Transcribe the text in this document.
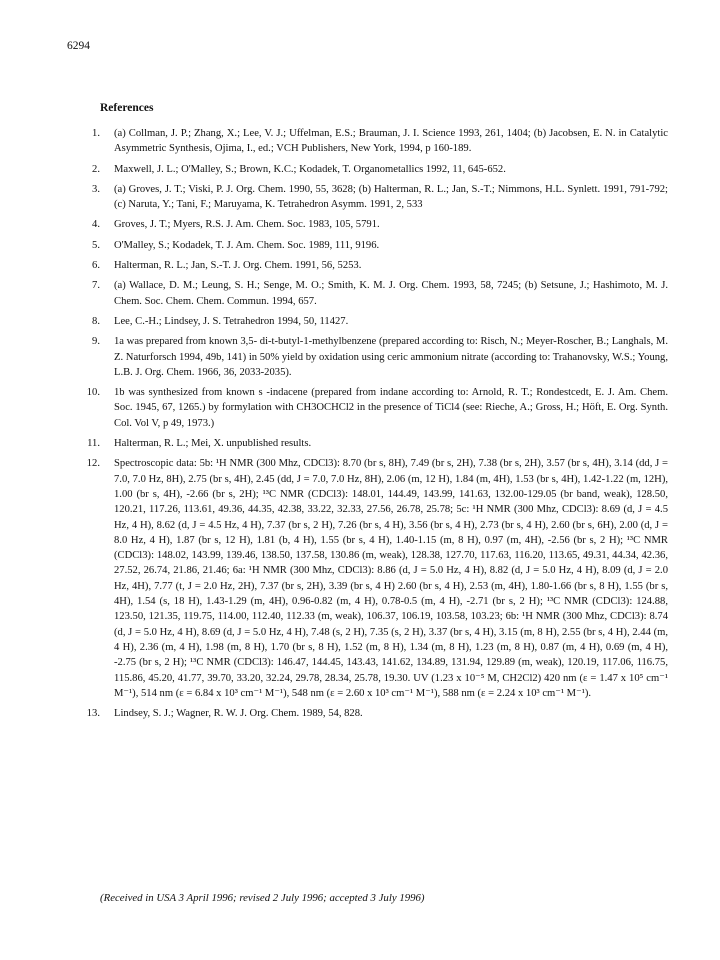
6294
References
1.	(a) Collman, J. P.; Zhang, X.; Lee, V. J.; Uffelman, E.S.; Brauman, J. I. Science 1993, 261, 1404; (b) Jacobsen, E. N. in Catalytic Asymmetric Synthesis, Ojima, I., ed.; VCH Publishers, New York, 1994, p 160-189.
2.	Maxwell, J. L.; O'Malley, S.; Brown, K.C.; Kodadek, T. Organometallics 1992, 11, 645-652.
3.	(a) Groves, J. T.; Viski, P. J. Org. Chem. 1990, 55, 3628; (b) Halterman, R. L.; Jan, S.-T.; Nimmons, H.L. Synlett. 1991, 791-792; (c) Naruta, Y.; Tani, F.; Maruyama, K. Tetrahedron Asymm. 1991, 2, 533
4.	Groves, J. T.; Myers, R.S. J. Am. Chem. Soc. 1983, 105, 5791.
5.	O'Malley, S.; Kodadek, T. J. Am. Chem. Soc. 1989, 111, 9196.
6.	Halterman, R. L.; Jan, S.-T. J. Org. Chem. 1991, 56, 5253.
7.	(a) Wallace, D. M.; Leung, S. H.; Senge, M. O.; Smith, K. M. J. Org. Chem. 1993, 58, 7245; (b) Setsune, J.; Hashimoto, M. J. Chem. Soc. Chem. Chem. Commun. 1994, 657.
8.	Lee, C.-H.; Lindsey, J. S. Tetrahedron 1994, 50, 11427.
9.	1a was prepared from known 3,5- di-t-butyl-1-methylbenzene (prepared according to: Risch, N.; Meyer-Roscher, B.; Langhals, M. Z. Naturforsch 1994, 49b, 141) in 50% yield by oxidation using ceric ammonium nitrate (according to: Trahanovsky, W.S.; Young, L.B. J. Org. Chem. 1966, 36, 2033-2035).
10.	1b was synthesized from known s -indacene (prepared from indane according to: Arnold, R. T.; Rondestcedt, E. J. Am. Chem. Soc. 1945, 67, 1265.) by formylation with CH3OCHCl2 in the presence of TiCl4 (see: Rieche, A.; Gross, H.; Höft, E. Org. Synth. Col. Vol V, p 49, 1973.)
11.	Halterman, R. L.; Mei, X. unpublished results.
12.	Spectroscopic data: 5b: ¹H NMR (300 Mhz, CDCl3): 8.70 (br s, 8H), 7.49 (br s, 2H), 7.38 (br s, 2H), 3.57 (br s, 4H), 3.14 (dd, J = 7.0, 7.0 Hz, 8H), 2.75 (br s, 4H), 2.45 (dd, J = 7.0, 7.0 Hz, 8H), 2.06 (m, 12 H), 1.84 (m, 4H), 1.53 (br s, 4H), 1.42-1.22 (m, 12H), 1.00 (br s, 4H), -2.66 (br s, 2H); ¹³C NMR (CDCl3): 148.01, 144.49, 143.99, 141.63, 132.00-129.05 (br band, weak), 128.50, 120.21, 117.26, 113.61, 49.36, 44.35, 42.38, 33.22, 32.33, 27.56, 26.78, 25.78; 5c: ¹H NMR (300 Mhz, CDCl3): 8.69 (d, J = 4.5 Hz, 4 H), 8.62 (d, J = 4.5 Hz, 4 H), 7.37 (br s, 2 H), 7.26 (br s, 4 H), 3.56 (br s, 4 H), 2.73 (br s, 4 H), 2.60 (br s, 6H), 2.00 (d, J = 8.0 Hz, 4 H), 1.87 (br s, 12 H), 1.81 (b, 4 H), 1.55 (br s, 4 H), 1.40-1.15 (m, 8 H), 0.97 (m, 4H), -2.56 (br s, 2 H); ¹³C NMR (CDCl3): 148.02, 143.99, 139.46, 138.50, 137.58, 130.86 (m, weak), 128.38, 127.70, 117.63, 116.20, 113.65, 49.31, 44.34, 42.36, 27.52, 26.74, 21.86, 21.46; 6a: ¹H NMR (300 Mhz, CDCl3): 8.86 (d, J = 5.0 Hz, 4 H), 8.82 (d, J = 5.0 Hz, 4 H), 8.09 (d, J = 2.0 Hz, 4H), 7.77 (t, J = 2.0 Hz, 2H), 7.37 (br s, 2H), 3.39 (br s, 4 H) 2.60 (br s, 4 H), 2.53 (m, 4H), 1.80-1.66 (br s, 8 H), 1.55 (br s, 4H), 1.54 (s, 18 H), 1.43-1.29 (m, 4H), 0.96-0.82 (m, 4 H), 0.78-0.5 (m, 4 H), -2.71 (br s, 2 H); ¹³C NMR (CDCl3): 124.88, 123.50, 121.35, 119.75, 114.00, 112.40, 112.33 (m, weak), 106.37, 106.19, 103.58, 103.23; 6b: ¹H NMR (300 Mhz, CDCl3): 8.74 (d, J = 5.0 Hz, 4 H), 8.69 (d, J = 5.0 Hz, 4 H), 7.48 (s, 2 H), 7.35 (s, 2 H), 3.37 (br s, 4 H), 3.15 (m, 8 H), 2.55 (br s, 4 H), 2.44 (m, 4 H), 2.36 (m, 4 H), 1.98 (m, 8 H), 1.70 (br s, 8 H), 1.52 (m, 8 H), 1.34 (m, 8 H), 1.23 (m, 8 H), 0.87 (m, 4 H), 0.69 (m, 4 H), -2.75 (br s, 2 H); ¹³C NMR (CDCl3): 146.47, 144.45, 143.43, 141.62, 134.89, 131.94, 129.89 (m, weak), 120.19, 117.06, 116.75, 115.86, 45.20, 41.77, 39.70, 33.20, 32.24, 29.78, 28.34, 25.78, 19.30. UV (1.23 x 10⁻⁵ M, CH2Cl2) 420 nm (ε = 1.47 x 10⁵ cm⁻¹ M⁻¹), 514 nm (ε = 6.84 x 10³ cm⁻¹ M⁻¹), 548 nm (ε = 2.60 x 10³ cm⁻¹ M⁻¹), 588 nm (ε = 2.24 x 10³ cm⁻¹ M⁻¹).
13.	Lindsey, S. J.; Wagner, R. W. J. Org. Chem. 1989, 54, 828.
(Received in USA 3 April 1996; revised 2 July 1996; accepted 3 July 1996)
